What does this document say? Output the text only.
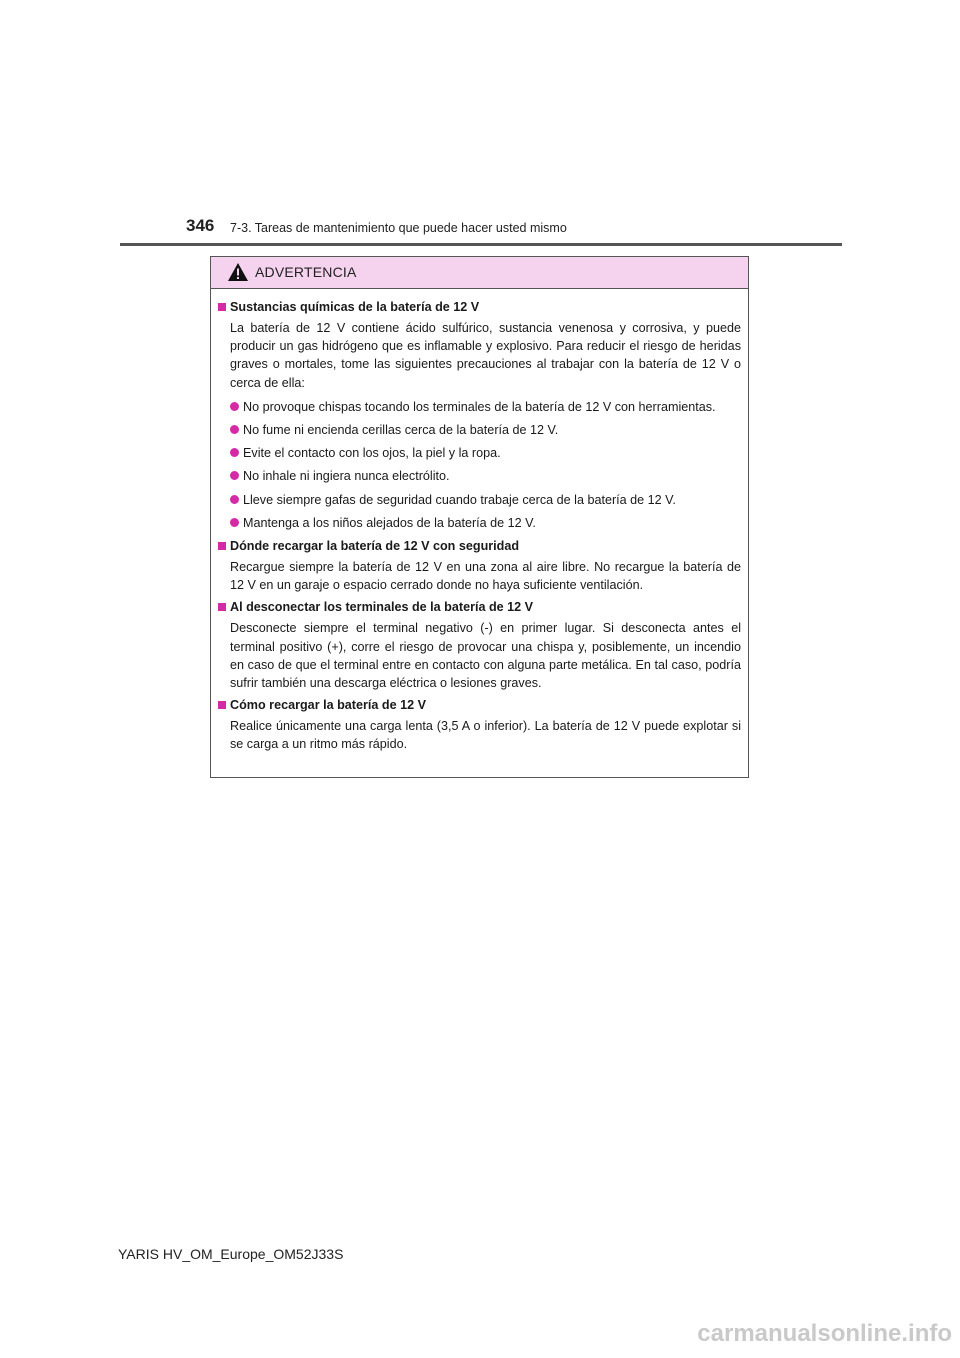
346 7-3. Tareas de mantenimiento que puede hacer usted mismo
ADVERTENCIA
Sustancias químicas de la batería de 12 V
La batería de 12 V contiene ácido sulfúrico, sustancia venenosa y corrosiva, y puede producir un gas hidrógeno que es inflamable y explosivo. Para reducir el riesgo de heridas graves o mortales, tome las siguientes precauciones al trabajar con la batería de 12 V o cerca de ella:
No provoque chispas tocando los terminales de la batería de 12 V con herramientas.
No fume ni encienda cerillas cerca de la batería de 12 V.
Evite el contacto con los ojos, la piel y la ropa.
No inhale ni ingiera nunca electrólito.
Lleve siempre gafas de seguridad cuando trabaje cerca de la batería de 12 V.
Mantenga a los niños alejados de la batería de 12 V.
Dónde recargar la batería de 12 V con seguridad
Recargue siempre la batería de 12 V en una zona al aire libre. No recargue la batería de 12 V en un garaje o espacio cerrado donde no haya suficiente ventilación.
Al desconectar los terminales de la batería de 12 V
Desconecte siempre el terminal negativo (-) en primer lugar. Si desconecta antes el terminal positivo (+), corre el riesgo de provocar una chispa y, posiblemente, un incendio en caso de que el terminal entre en contacto con alguna parte metálica. En tal caso, podría sufrir también una descarga eléctrica o lesiones graves.
Cómo recargar la batería de 12 V
Realice únicamente una carga lenta (3,5 A o inferior). La batería de 12 V puede explotar si se carga a un ritmo más rápido.
YARIS HV_OM_Europe_OM52J33S
carmanualsonline.info
